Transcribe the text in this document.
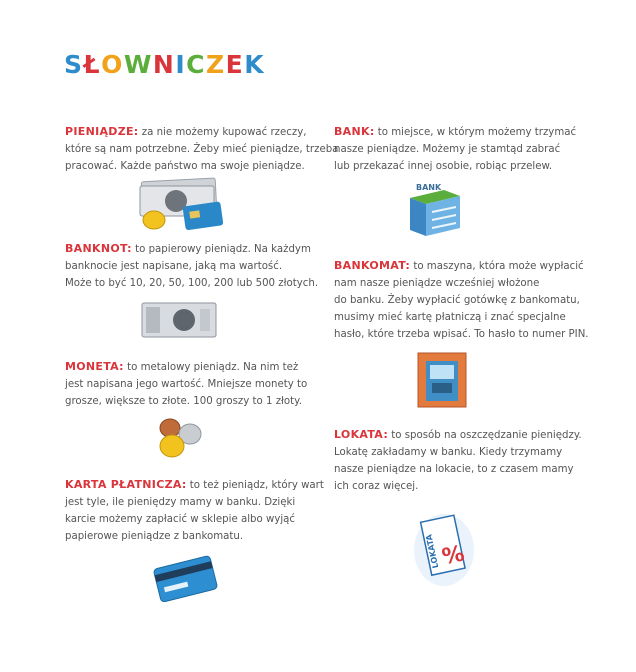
SŁOWNICZEK
PIENIĄDZE: za nie możemy kupować rzeczy,
które są nam potrzebne. Żeby mieć pieniądze, trzeba
pracować. Każde państwo ma swoje pieniądze.
BANKNOT: to papierowy pieniądz. Na każdym
banknocie jest napisane, jaką ma wartość.
Może to być 10, 20, 50, 100, 200 lub 500 złotych.
MONETA: to metalowy pieniądz. Na nim też
jest napisana jego wartość. Mniejsze monety to
grosze, większe to złote. 100 groszy to 1 złoty.
KARTA PŁATNICZA: to też pieniądz, który wart
jest tyle, ile pieniędzy mamy w banku. Dzięki
karcie możemy zapłacić w sklepie albo wyjąć
papierowe pieniądze z bankomatu.
BANK: to miejsce, w którym możemy trzymać
nasze pieniądze. Możemy je stamtąd zabrać
lub przekazać innej osobie, robiąc przelew.
BANK
BANKOMAT: to maszyna, która może wypłacić
nam nasze pieniądze wcześniej włożone
do banku. Żeby wypłacić gotówkę z bankomatu,
musimy mieć kartę płatniczą i znać specjalne
hasło, które trzeba wpisać. To hasło to numer PIN.
LOKATA: to sposób na oszczędzanie pieniędzy.
Lokatę zakładamy w banku. Kiedy trzymamy
nasze pieniądze na lokacie, to z czasem mamy
ich coraz więcej.
LOKATA %
